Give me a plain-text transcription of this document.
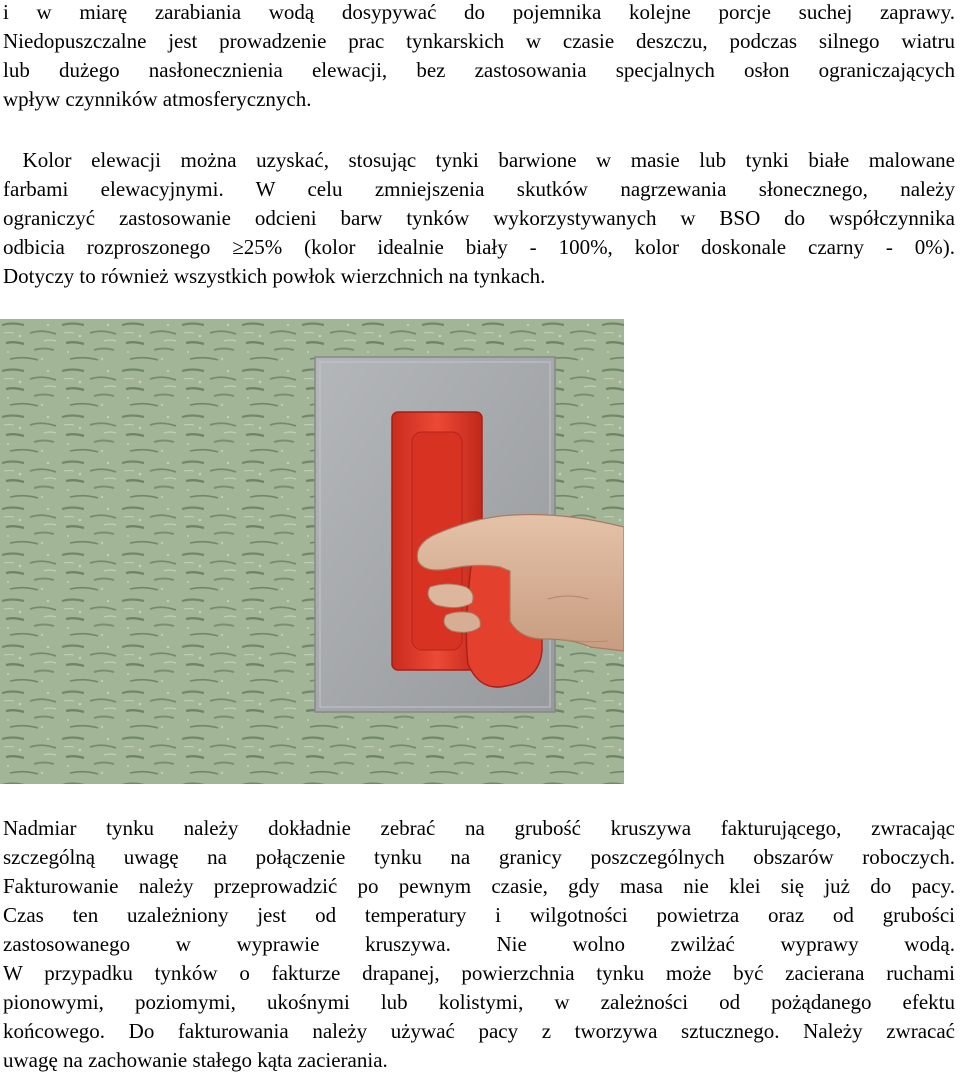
i w miarę zarabiania wodą dosypywać do pojemnika kolejne porcje suchej zaprawy.
Niedopuszczalne jest prowadzenie prac tynkarskich w czasie deszczu, podczas silnego wiatru
lub dużego nasłonecznienia elewacji, bez zastosowania specjalnych osłon ograniczających
wpływ czynników atmosferycznych.
Kolor elewacji można uzyskać, stosując tynki barwione w masie lub tynki białe malowane
farbami elewacyjnymi. W celu zmniejszenia skutków nagrzewania słonecznego, należy
ograniczyć zastosowanie odcieni barw tynków wykorzystywanych w BSO do współczynnika
odbicia rozproszonego ≥25% (kolor idealnie biały - 100%, kolor doskonale czarny - 0%).
Dotyczy to również wszystkich powłok wierzchnich na tynkach.
Nadmiar tynku należy dokładnie zebrać na grubość kruszywa fakturującego, zwracając
szczególną uwagę na połączenie tynku na granicy poszczególnych obszarów roboczych.
Fakturowanie należy przeprowadzić po pewnym czasie, gdy masa nie klei się już do pacy.
Czas ten uzależniony jest od temperatury i wilgotności powietrza oraz od grubości
zastosowanego w wyprawie kruszywa. Nie wolno zwilżać wyprawy wodą.
W przypadku tynków o fakturze drapanej, powierzchnia tynku może być zacierana ruchami
pionowymi, poziomymi, ukośnymi lub kolistymi, w zależności od pożądanego efektu
końcowego. Do fakturowania należy używać pacy z tworzywa sztucznego. Należy zwracać
uwagę na zachowanie stałego kąta zacierania.
